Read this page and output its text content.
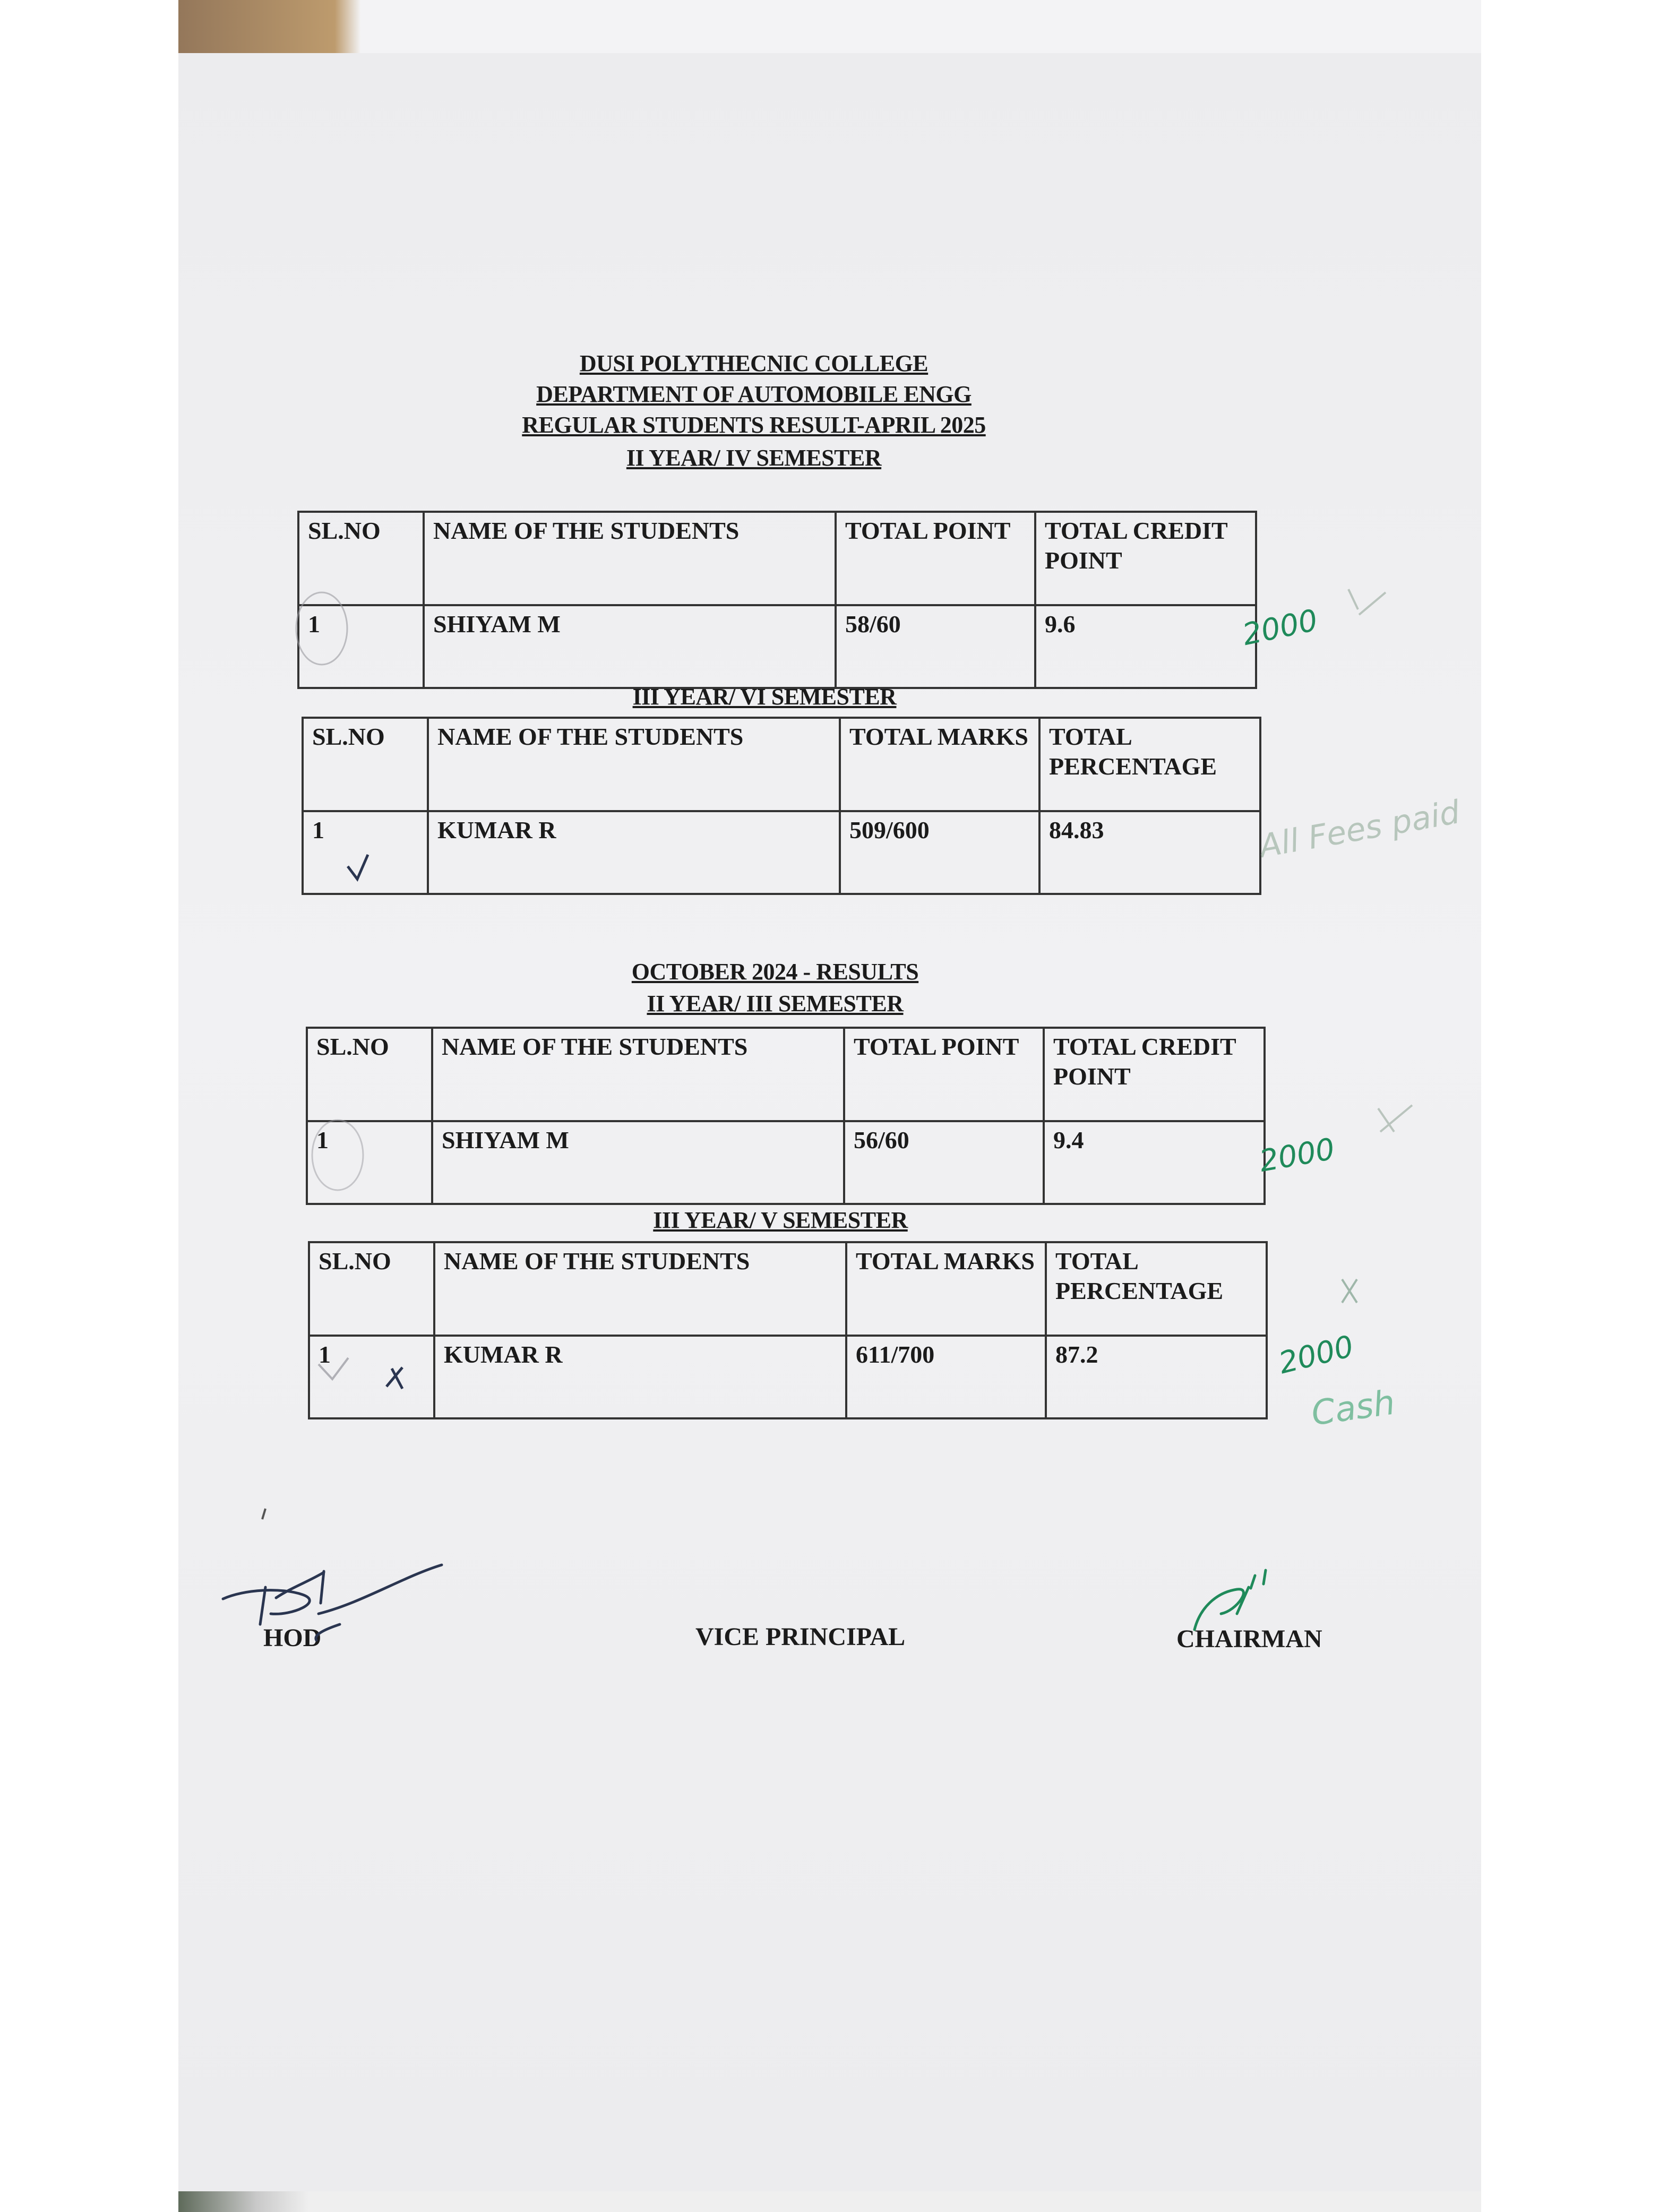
DUSI POLYTHECNIC COLLEGE
DEPARTMENT OF AUTOMOBILE ENGG
REGULAR STUDENTS RESULT-APRIL 2025
II YEAR/ IV SEMESTER
SL.NO	NAME OF THE STUDENTS	TOTAL POINT	TOTAL CREDIT POINT
1	SHIYAM M	58/60	9.6
III YEAR/ VI SEMESTER
SL.NO	NAME OF THE STUDENTS	TOTAL MARKS	TOTAL PERCENTAGE
1	KUMAR R	509/600	84.83
OCTOBER 2024 - RESULTS
II YEAR/ III SEMESTER
SL.NO	NAME OF THE STUDENTS	TOTAL POINT	TOTAL CREDIT POINT
1	SHIYAM M	56/60	9.4
III YEAR/ V SEMESTER
SL.NO	NAME OF THE STUDENTS	TOTAL MARKS	TOTAL PERCENTAGE
1	KUMAR R	611/700	87.2
HOD	VICE PRINCIPAL	CHAIRMAN
2000
All Fees paid
2000
2000
Cash
